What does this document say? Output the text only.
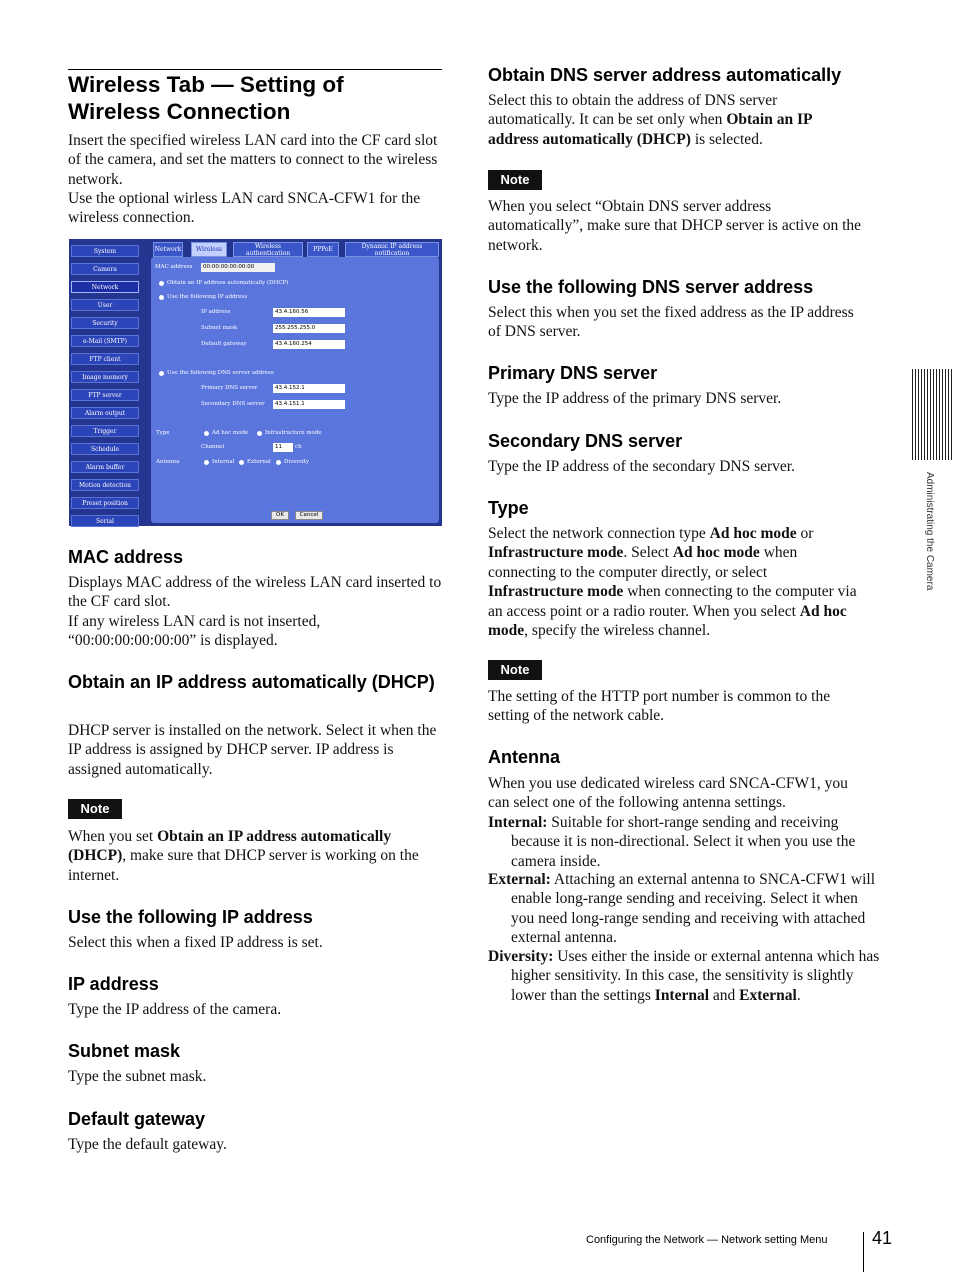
Wireless Tab — Setting of Wireless Connection

Insert the specified wireless LAN card into the CF card slot of the camera, and set the matters to connect to the wireless network.

Use the optional wirless LAN card SNCA-CFW1 for the wireless connection.

System
Camera
Network
User
Security
e-Mail (SMTP)
FTP client
Image memory
FTP server
Alarm output
Trigger
Schedule
Alarm buffer
Motion detection
Preset position
Serial
Network	Wireless	Wireless authentication	PPPoE	Dynamic IP address notification
MAC address	00:00:00:00:00:00
Obtain an IP address automatically (DHCP)
Use the following IP address
IP address	43.4.160.56
Subnet mask	255.255.255.0
Default gateway	43.4.160.254
Use the following DNS server address
Primary DNS server	43.4.152.1
Secondary DNS server	43.4.151.1
Type	Ad hoc mode	Infrastructure mode
Channel	11	ch
Antenna	Internal External Diversity
OK	Cancel
MAC address

Displays MAC address of the wireless LAN card inserted to the CF card slot.

If any wireless LAN card is not inserted, “00:00:00:00:00:00” is displayed.

Obtain an IP address automatically (DHCP)

DHCP server is installed on the network. Select it when the IP address is assigned by DHCP server. IP address is assigned automatically.

Note

When you set Obtain an IP address automatically (DHCP), make sure that DHCP server is working on the internet.

Use the following IP address

Select this when a fixed IP address is set.

IP address

Type the IP address of the camera.

Subnet mask

Type the subnet mask.

Default gateway

Type the default gateway.

Obtain DNS server address automatically

Select this to obtain the address of DNS server automatically. It can be set only when Obtain an IP address automatically (DHCP) is selected.

Note

When you select “Obtain DNS server address automatically”, make sure that DHCP server is active on the network.

Use the following DNS server address

Select this when you set the fixed address as the IP address of DNS server.

Primary DNS server

Type the IP address of the primary DNS server.

Secondary DNS server

Type the IP address of the secondary DNS server.

Type

Select the network connection type Ad hoc mode or Infrastructure mode. Select Ad hoc mode when connecting to the computer directly, or select Infrastructure mode when connecting to the computer via an access point or a radio router. When you select Ad hoc mode, specify the wireless channel.

Note

The setting of the HTTP port number is common to the setting of the network cable.

Antenna

When you use dedicated wireless card SNCA-CFW1, you can select one of the following antenna settings.

Internal: Suitable for short-range sending and receiving because it is non-directional. Select it when you use the camera inside.

External: Attaching an external antenna to SNCA-CFW1 will enable long-range sending and receiving. Select it when you need long-range sending and receiving with attached external antenna.

Diversity: Uses either the inside or external antenna which has higher sensitivity. In this case, the sensitivity is slightly lower than the settings Internal and External.

Administrating the Camera
Configuring the Network — Network setting Menu 41
